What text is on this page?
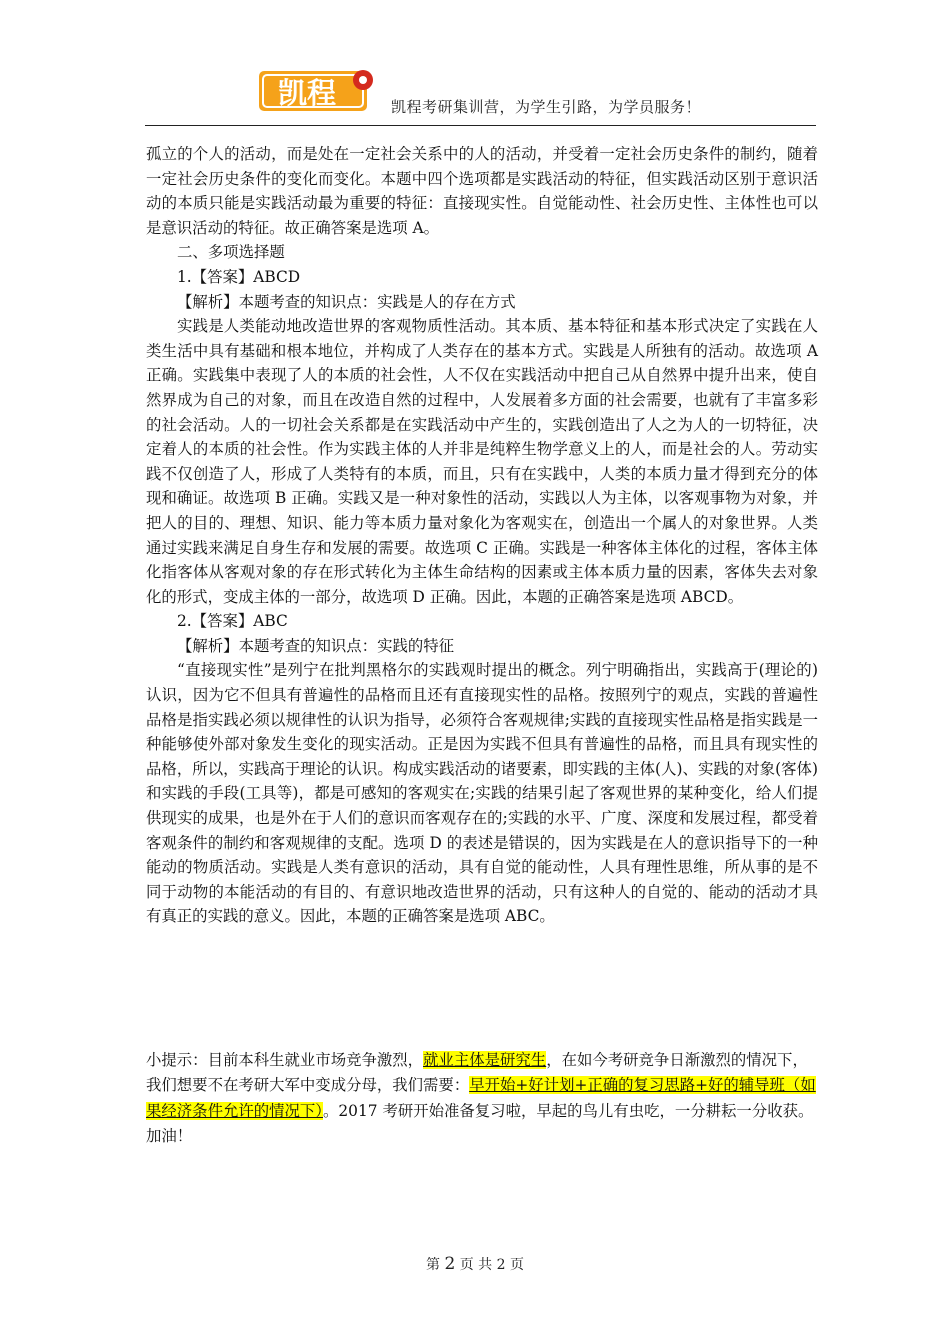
凯程	凯程考研集训营，为学生引路，为学员服务！

孤立的个人的活动，而是处在一定社会关系中的人的活动，并受着一定社会历史条件的制约，随着一定社会历史条件的变化而变化。本题中四个选项都是实践活动的特征，但实践活动区别于意识活动的本质只能是实践活动最为重要的特征：直接现实性。自觉能动性、社会历史性、主体性也可以是意识活动的特征。故正确答案是选项 A。

二、多项选择题

1.【答案】ABCD

【解析】本题考查的知识点：实践是人的存在方式

实践是人类能动地改造世界的客观物质性活动。其本质、基本特征和基本形式决定了实践在人类生活中具有基础和根本地位，并构成了人类存在的基本方式。实践是人所独有的活动。故选项 A 正确。实践集中表现了人的本质的社会性，人不仅在实践活动中把自己从自然界中提升出来，使自然界成为自己的对象，而且在改造自然的过程中，人发展着多方面的社会需要，也就有了丰富多彩的社会活动。人的一切社会关系都是在实践活动中产生的，实践创造出了人之为人的一切特征，决定着人的本质的社会性。作为实践主体的人并非是纯粹生物学意义上的人，而是社会的人。劳动实践不仅创造了人，形成了人类特有的本质，而且，只有在实践中，人类的本质力量才得到充分的体现和确证。故选项 B 正确。实践又是一种对象性的活动，实践以人为主体，以客观事物为对象，并把人的目的、理想、知识、能力等本质力量对象化为客观实在，创造出一个属人的对象世界。人类通过实践来满足自身生存和发展的需要。故选项 C 正确。实践是一种客体主体化的过程，客体主体化指客体从客观对象的存在形式转化为主体生命结构的因素或主体本质力量的因素，客体失去对象化的形式，变成主体的一部分，故选项 D 正确。因此，本题的正确答案是选项 ABCD。

2.【答案】ABC

【解析】本题考查的知识点：实践的特征

“直接现实性”是列宁在批判黑格尔的实践观时提出的概念。列宁明确指出，实践高于(理论的)认识，因为它不但具有普遍性的品格而且还有直接现实性的品格。按照列宁的观点，实践的普遍性品格是指实践必须以规律性的认识为指导，必须符合客观规律;实践的直接现实性品格是指实践是一种能够使外部对象发生变化的现实活动。正是因为实践不但具有普遍性的品格，而且具有现实性的品格，所以，实践高于理论的认识。构成实践活动的诸要素，即实践的主体(人)、实践的对象(客体)和实践的手段(工具等)，都是可感知的客观实在;实践的结果引起了客观世界的某种变化，给人们提供现实的成果，也是外在于人们的意识而客观存在的;实践的水平、广度、深度和发展过程，都受着客观条件的制约和客观规律的支配。选项 D 的表述是错误的，因为实践是在人的意识指导下的一种能动的物质活动。实践是人类有意识的活动，具有自觉的能动性，人具有理性思维，所从事的是不同于动物的本能活动的有目的、有意识地改造世界的活动，只有这种人的自觉的、能动的活动才具有真正的实践的意义。因此，本题的正确答案是选项 ABC。

小提示：目前本科生就业市场竞争激烈，就业主体是研究生，在如今考研竞争日渐激烈的情况下，我们想要不在考研大军中变成分母，我们需要：早开始+好计划+正确的复习思路+好的辅导班（如果经济条件允许的情况下）。2017 考研开始准备复习啦，早起的鸟儿有虫吃，一分耕耘一分收获。加油！
第 2 页 共 2 页
